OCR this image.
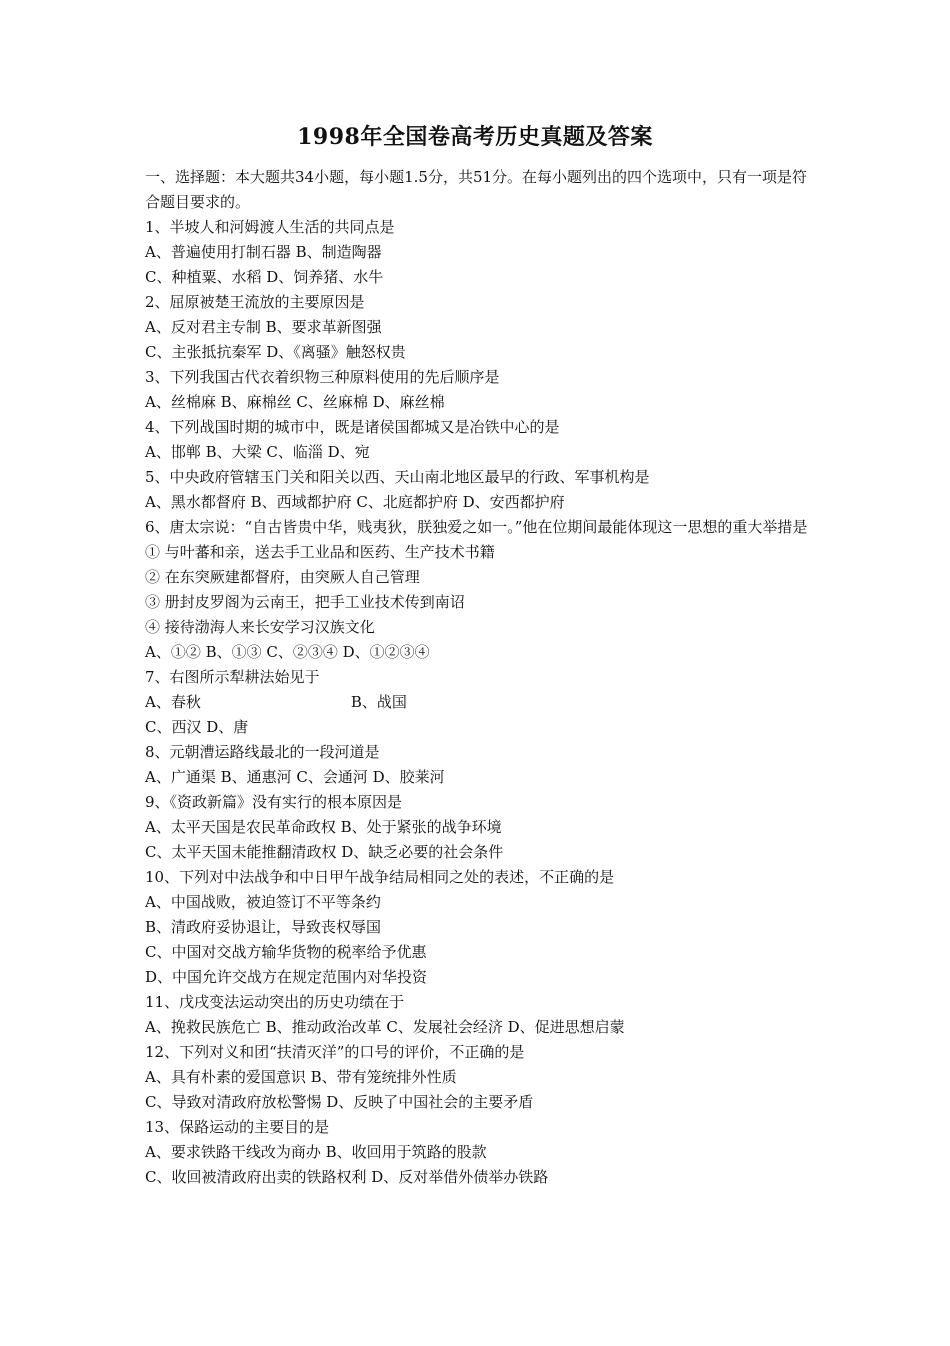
1998年全国卷高考历史真题及答案
一、选择题：本大题共34小题，每小题1.5分，共51分。在每小题列出的四个选项中，只有一项是符合题目要求的。
1、半坡人和河姆渡人生活的共同点是
A、普遍使用打制石器 B、制造陶器
C、种植粟、水稻 D、饲养猪、水牛
2、屈原被楚王流放的主要原因是
A、反对君主专制 B、要求革新图强
C、主张抵抗秦军 D、《离骚》触怒权贵
3、下列我国古代衣着织物三种原料使用的先后顺序是
A、丝棉麻 B、麻棉丝 C、丝麻棉 D、麻丝棉
4、下列战国时期的城市中，既是诸侯国都城又是冶铁中心的是
A、邯郸 B、大梁 C、临淄 D、宛
5、中央政府管辖玉门关和阳关以西、天山南北地区最早的行政、军事机构是
A、黑水都督府 B、西域都护府 C、北庭都护府 D、安西都护府
6、唐太宗说：“自古皆贵中华，贱夷狄，朕独爱之如一。”他在位期间最能体现这一思想的重大举措是
① 与叶蕃和亲，送去手工业品和医药、生产技术书籍
② 在东突厥建都督府，由突厥人自己管理
③ 册封皮罗阁为云南王，把手工业技术传到南诏
④ 接待渤海人来长安学习汉族文化
A、①② B、①③ C、②③④ D、①②③④
7、右图所示犁耕法始见于
A、春秋	B、战国
C、西汉 D、唐
8、元朝漕运路线最北的一段河道是
A、广通渠 B、通惠河 C、会通河 D、胶莱河
9、《资政新篇》没有实行的根本原因是
A、太平天国是农民革命政权 B、处于紧张的战争环境
C、太平天国未能推翻清政权 D、缺乏必要的社会条件
10、下列对中法战争和中日甲午战争结局相同之处的表述，不正确的是
A、中国战败，被迫签订不平等条约
B、清政府妥协退让，导致丧权辱国
C、中国对交战方输华货物的税率给予优惠
D、中国允许交战方在规定范围内对华投资
11、戊戌变法运动突出的历史功绩在于
A、挽救民族危亡 B、推动政治改革 C、发展社会经济 D、促进思想启蒙
12、下列对义和团“扶清灭洋”的口号的评价，不正确的是
A、具有朴素的爱国意识 B、带有笼统排外性质
C、导致对清政府放松警惕 D、反映了中国社会的主要矛盾
13、保路运动的主要目的是
A、要求铁路干线改为商办 B、收回用于筑路的股款
C、收回被清政府出卖的铁路权利 D、反对举借外债举办铁路
